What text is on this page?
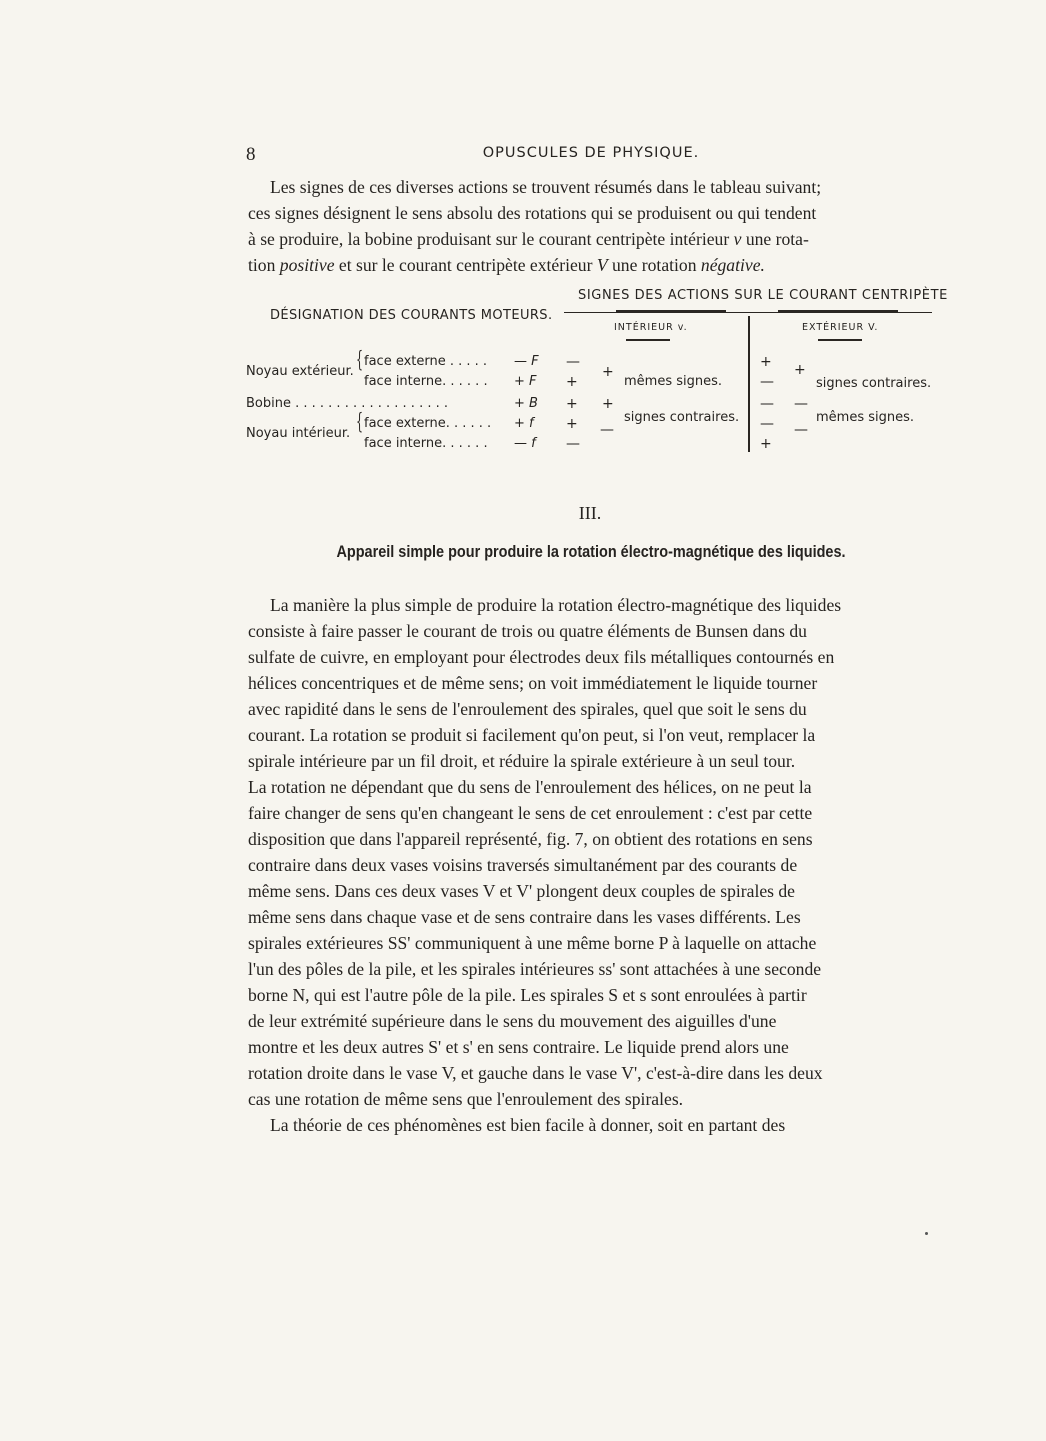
8	OPUSCULES DE PHYSIQUE.

Les signes de ces diverses actions se trouvent résumés dans le tableau suivant;

ces signes désignent le sens absolu des rotations qui se produisent ou qui tendent

à se produire, la bobine produisant sur le courant centripète intérieur v une rota-

tion positive et sur le courant centripète extérieur V une rotation négative.

SIGNES DES ACTIONS SUR LE COURANT CENTRIPÈTE
DÉSIGNATION DES COURANTS MOTEURS.
INTÉRIEUR v.	EXTÉRIEUR V.
Noyau extérieur. { face externe . . . . .
face interne. . . . . .
Bobine . . . . . . . . . . . . . . . . . . .
Noyau intérieur. { face externe. . . . . .
face interne. . . . . .
— F
+ F
+ B
+ f
— f
—
+
+
+
—
+
+
—
mêmes signes.
signes contraires.
+
—
—
—
+
+
—
—
signes contraires.
mêmes signes.
III.
Appareil simple pour produire la rotation électro-magnétique des liquides.

La manière la plus simple de produire la rotation électro-magnétique des liquides

consiste à faire passer le courant de trois ou quatre éléments de Bunsen dans du

sulfate de cuivre, en employant pour électrodes deux fils métalliques contournés en

hélices concentriques et de même sens; on voit immédiatement le liquide tourner

avec rapidité dans le sens de l'enroulement des spirales, quel que soit le sens du

courant. La rotation se produit si facilement qu'on peut, si l'on veut, remplacer la

spirale intérieure par un fil droit, et réduire la spirale extérieure à un seul tour.

La rotation ne dépendant que du sens de l'enroulement des hélices, on ne peut la

faire changer de sens qu'en changeant le sens de cet enroulement : c'est par cette

disposition que dans l'appareil représenté, fig. 7, on obtient des rotations en sens

contraire dans deux vases voisins traversés simultanément par des courants de

même sens. Dans ces deux vases V et V' plongent deux couples de spirales de

même sens dans chaque vase et de sens contraire dans les vases différents. Les

spirales extérieures SS' communiquent à une même borne P à laquelle on attache

l'un des pôles de la pile, et les spirales intérieures ss' sont attachées à une seconde

borne N, qui est l'autre pôle de la pile. Les spirales S et s sont enroulées à partir

de leur extrémité supérieure dans le sens du mouvement des aiguilles d'une

montre et les deux autres S' et s' en sens contraire. Le liquide prend alors une

rotation droite dans le vase V, et gauche dans le vase V', c'est-à-dire dans les deux

cas une rotation de même sens que l'enroulement des spirales.

La théorie de ces phénomènes est bien facile à donner, soit en partant des
